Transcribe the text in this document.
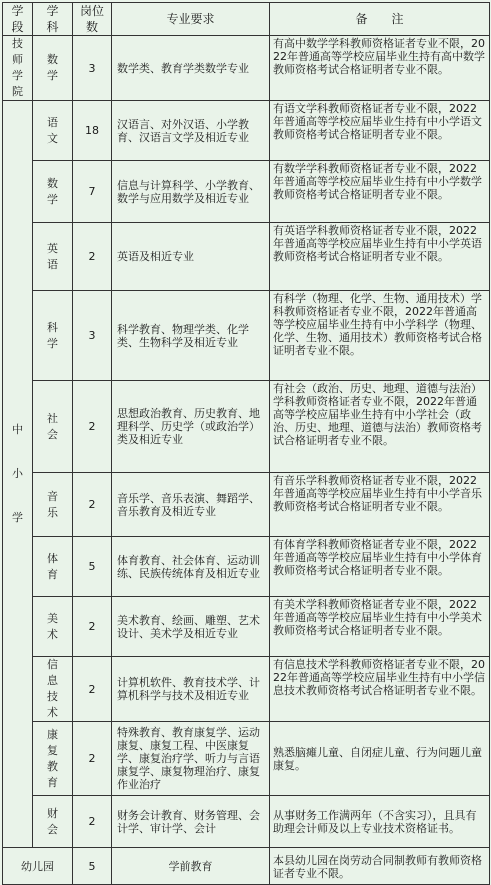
学段	学科	岗位数	专业要求	备　　注
技师学院	数学	3	数学类、教育学类数学专业	有高中数学学科教师资格证者专业不限，2022年普通高等学校应届毕业生持有高中数学教师资格考试合格证明者专业不限。
中小学	语文	18	汉语言、对外汉语、小学教育、汉语言文学及相近专业	有语文学科教师资格证者专业不限，2022年普通高等学校应届毕业生持有中小学语文教师资格考试合格证明者专业不限。
	数学	7	信息与计算科学、小学教育、数学与应用数学及相近专业	有数学学科教师资格证者专业不限，2022年普通高等学校应届毕业生持有中小学数学教师资格考试合格证明者专业不限。
	英语	2	英语及相近专业	有英语学科教师资格证者专业不限，2022年普通高等学校应届毕业生持有中小学英语教师资格考试合格证明者专业不限。
	科学	3	科学教育、物理学类、化学类、生物科学及相近专业	有科学（物理、化学、生物、通用技术）学科教师资格证者专业不限，2022年普通高等学校应届毕业生持有中小学科学（物理、化学、生物、通用技术）教师资格考试合格证明者专业不限。
	社会	2	思想政治教育、历史教育、地理科学、历史学（或政治学）类及相近专业	有社会（政治、历史、地理、道德与法治）学科教师资格证者专业不限，2022年普通高等学校应届毕业生持有中小学社会（政治、历史、地理、道德与法治）教师资格考试合格证明者专业不限。
	音乐	2	音乐学、音乐表演、舞蹈学、音乐教育及相近专业	有音乐学科教师资格证者专业不限，2022年普通高等学校应届毕业生持有中小学音乐教师资格考试合格证明者专业不限。
	体育	5	体育教育、社会体育、运动训练、民族传统体育及相近专业	有体育学科教师资格证者专业不限，2022年普通高等学校应届毕业生持有中小学体育教师资格考试合格证明者专业不限。
	美术	2	美术教育、绘画、雕塑、艺术设计、美术学及相近专业	有美术学科教师资格证者专业不限，2022年普通高等学校应届毕业生持有中小学美术教师资格考试合格证明者专业不限。
	信息技术	2	计算机软件、教育技术学、计算机科学与技术及相近专业	有信息技术学科教师资格证者专业不限，2022年普通高等学校应届毕业生持有中小学信息技术教师资格考试合格证明者专业不限。
	康复教育	2	特殊教育、教育康复学、运动康复、康复工程、中医康复学、康复治疗学、听力与言语康复学、康复物理治疗、康复作业治疗	熟悉脑瘫儿童、自闭症儿童、行为问题儿童康复。
	财会	2	财务会计教育、财务管理、会计学、审计学、会计	从事财务工作满两年（不含实习），且具有助理会计师及以上专业技术资格证书。
幼儿园		5	学前教育	本县幼儿园在岗劳动合同制教师有教师资格证者专业不限。
